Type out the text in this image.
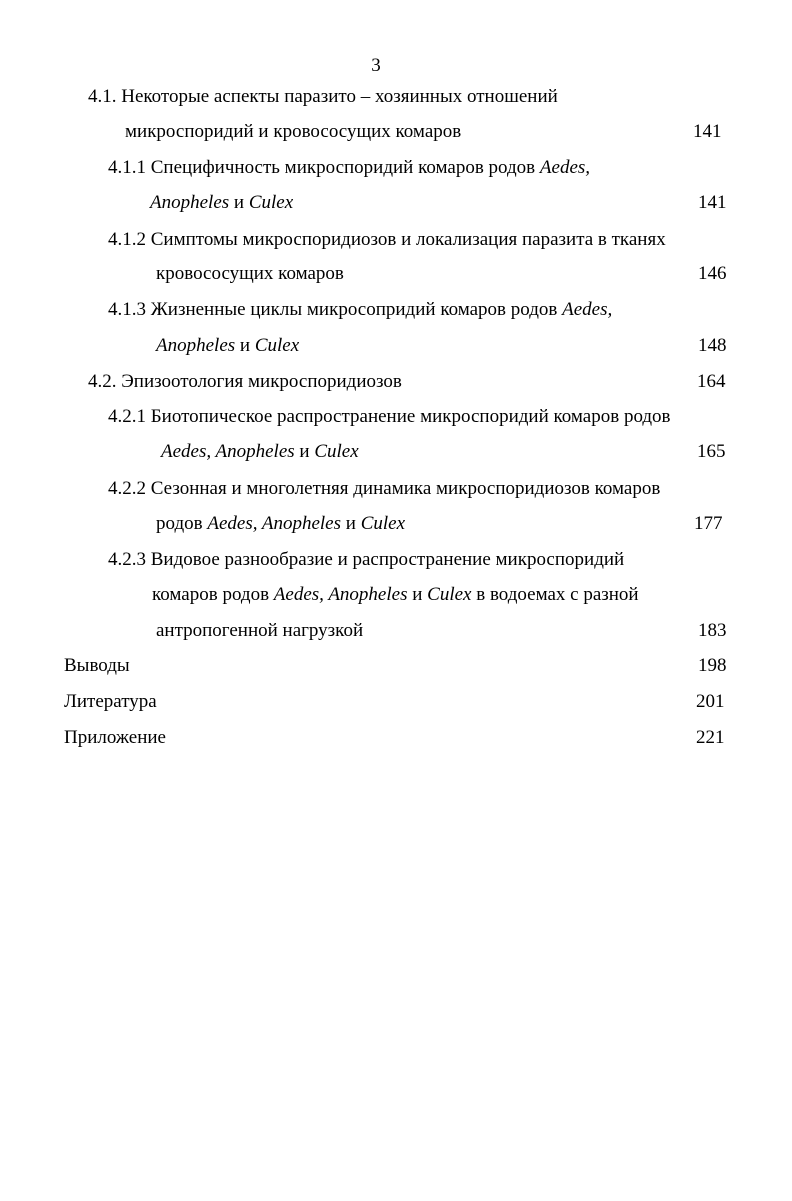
3
4.1. Некоторые аспекты паразито – хозяинных отношений
микроспоридий и кровососущих комаров	141
4.1.1 Специфичность микроспоридий комаров родов Aedes,
Anopheles и Culex	141
4.1.2 Симптомы микроспоридиозов и локализация паразита в тканях
кровососущих комаров	146
4.1.3 Жизненные циклы микросопридий комаров родов Aedes,
Anopheles и Culex	148
4.2. Эпизоотология микроспоридиозов	164
4.2.1 Биотопическое распространение микроспоридий комаров родов
Aedes, Anopheles и Culex	165
4.2.2 Сезонная и многолетняя динамика микроспоридиозов комаров
родов Aedes, Anopheles и Culex	177
4.2.3 Видовое разнообразие и распространение микроспоридий
комаров родов Aedes, Anopheles и Culex в водоемах с разной
антропогенной нагрузкой	183
Выводы	198
Литература	201
Приложение	221
